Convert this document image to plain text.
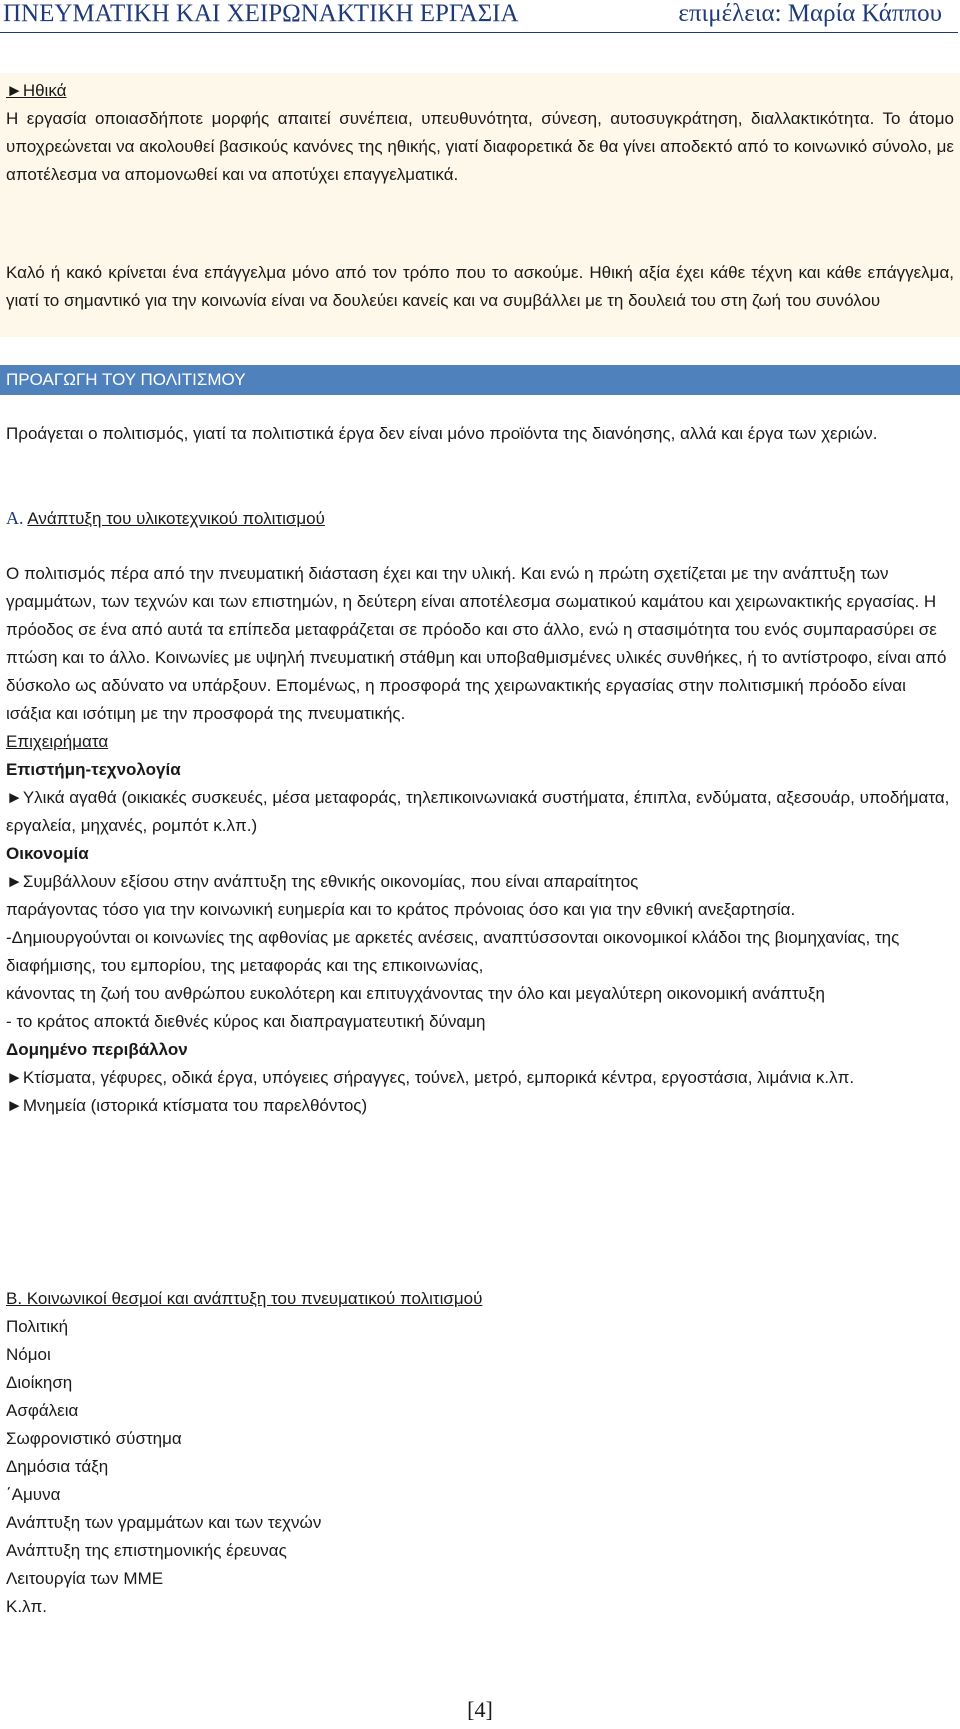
ΠΝΕΥΜΑΤΙΚΗ ΚΑΙ ΧΕΙΡΩΝΑΚΤΙΚΗ ΕΡΓΑΣΙΑ	επιμέλεια: Μαρία Κάππου
►Ηθικά

Η εργασία οποιασδήποτε μορφής απαιτεί συνέπεια, υπευθυνότητα, σύνεση, αυτοσυγκράτηση, διαλλακτικότητα. Το άτομο υποχρεώνεται να ακολουθεί βασικούς κανόνες της ηθικής, γιατί διαφορετικά δε θα γίνει αποδεκτό από το κοινωνικό σύνολο, με αποτέλεσμα να απομονωθεί και να αποτύχει επαγγελματικά.

Καλό ή κακό κρίνεται ένα επάγγελμα μόνο από τον τρόπο που το ασκούμε. Ηθική αξία έχει κάθε τέχνη και κάθε επάγγελμα, γιατί το σημαντικό για την κοινωνία είναι να δουλεύει κανείς και να συμβάλλει με τη δουλειά του στη ζωή του συνόλου

ΠΡΟΑΓΩΓΗ ΤΟΥ ΠΟΛΙΤΙΣΜΟΥ

Προάγεται ο πολιτισμός, γιατί τα πολιτιστικά έργα δεν είναι μόνο προϊόντα της διανόησης, αλλά και έργα των χεριών.

Α. Ανάπτυξη του υλικοτεχνικού πολιτισμού

Ο πολιτισμός πέρα από την πνευματική διάσταση έχει και την υλική. Και ενώ η πρώτη σχετίζεται με την ανάπτυξη των γραμμάτων, των τεχνών και των επιστημών, η δεύτερη είναι αποτέλεσμα σωματικού καμάτου και χειρωνακτικής εργασίας. Η πρόοδος σε ένα από αυτά τα επίπεδα μεταφράζεται σε πρόοδο και στο άλλο, ενώ η στασιμότητα του ενός συμπαρασύρει σε πτώση και το άλλο. Κοινωνίες με υψηλή πνευματική στάθμη και υποβαθμισμένες υλικές συνθήκες, ή το αντίστροφο, είναι από δύσκολο ως αδύνατο να υπάρξουν. Επομένως, η προσφορά της χειρωνακτικής εργασίας στην πολιτισμική πρόοδο είναι ισάξια και ισότιμη με την προσφορά της πνευματικής.

Επιχειρήματα

Επιστήμη-τεχνολογία

►Υλικά αγαθά (οικιακές συσκευές, μέσα μεταφοράς, τηλεπικοινωνιακά συστήματα, έπιπλα, ενδύματα, αξεσουάρ, υποδήματα, εργαλεία, μηχανές, ρομπότ κ.λπ.)

Οικονομία

►Συμβάλλουν εξίσου στην ανάπτυξη της εθνικής οικονομίας, που είναι απαραίτητος

παράγοντας τόσο για την κοινωνική ευημερία και το κράτος πρόνοιας όσο και για την εθνική ανεξαρτησία.

-Δημιουργούνται οι κοινωνίες της αφθονίας με αρκετές ανέσεις, αναπτύσσονται οικονομικοί κλάδοι της βιομηχανίας, της διαφήμισης, του εμπορίου, της μεταφοράς και της επικοινωνίας,

κάνοντας τη ζωή του ανθρώπου ευκολότερη και επιτυγχάνοντας την όλο και μεγαλύτερη οικονομική ανάπτυξη

- το κράτος αποκτά διεθνές κύρος και διαπραγματευτική δύναμη

Δομημένο περιβάλλον

►Κτίσματα, γέφυρες, οδικά έργα, υπόγειες σήραγγες, τούνελ, μετρό, εμπορικά κέντρα, εργοστάσια, λιμάνια κ.λπ.

►Μνημεία (ιστορικά κτίσματα του παρελθόντος)

Β. Κοινωνικοί θεσμοί και ανάπτυξη του πνευματικού πολιτισμού

Πολιτική

Νόμοι

Διοίκηση

Ασφάλεια

Σωφρονιστικό σύστημα

Δημόσια τάξη

΄Αμυνα

Ανάπτυξη των γραμμάτων και των τεχνών

Ανάπτυξη της επιστημονικής έρευνας

Λειτουργία των ΜΜΕ

Κ.λπ.

[4]
